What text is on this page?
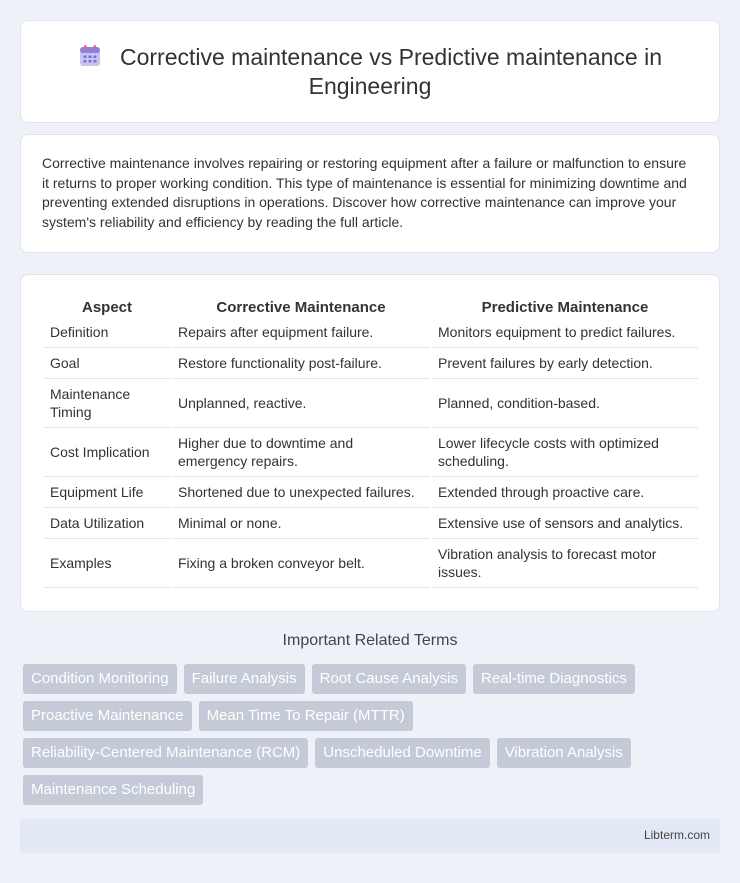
Corrective maintenance vs Predictive maintenance in Engineering

Corrective maintenance involves repairing or restoring equipment after a failure or malfunction to ensure it returns to proper working condition. This type of maintenance is essential for minimizing downtime and preventing extended disruptions in operations. Discover how corrective maintenance can improve your system's reliability and efficiency by reading the full article.

Aspect	Corrective Maintenance	Predictive Maintenance
Definition	Repairs after equipment failure.	Monitors equipment to predict failures.
Goal	Restore functionality post-failure.	Prevent failures by early detection.
Maintenance Timing	Unplanned, reactive.	Planned, condition-based.
Cost Implication	Higher due to downtime and emergency repairs.	Lower lifecycle costs with optimized scheduling.
Equipment Life	Shortened due to unexpected failures.	Extended through proactive care.
Data Utilization	Minimal or none.	Extensive use of sensors and analytics.
Examples	Fixing a broken conveyor belt.	Vibration analysis to forecast motor issues.
Important Related Terms
Condition Monitoring	Failure Analysis	Root Cause Analysis	Real-time Diagnostics
Proactive Maintenance	Mean Time To Repair (MTTR)
Reliability-Centered Maintenance (RCM)	Unscheduled Downtime	Vibration Analysis
Maintenance Scheduling
Libterm.com
